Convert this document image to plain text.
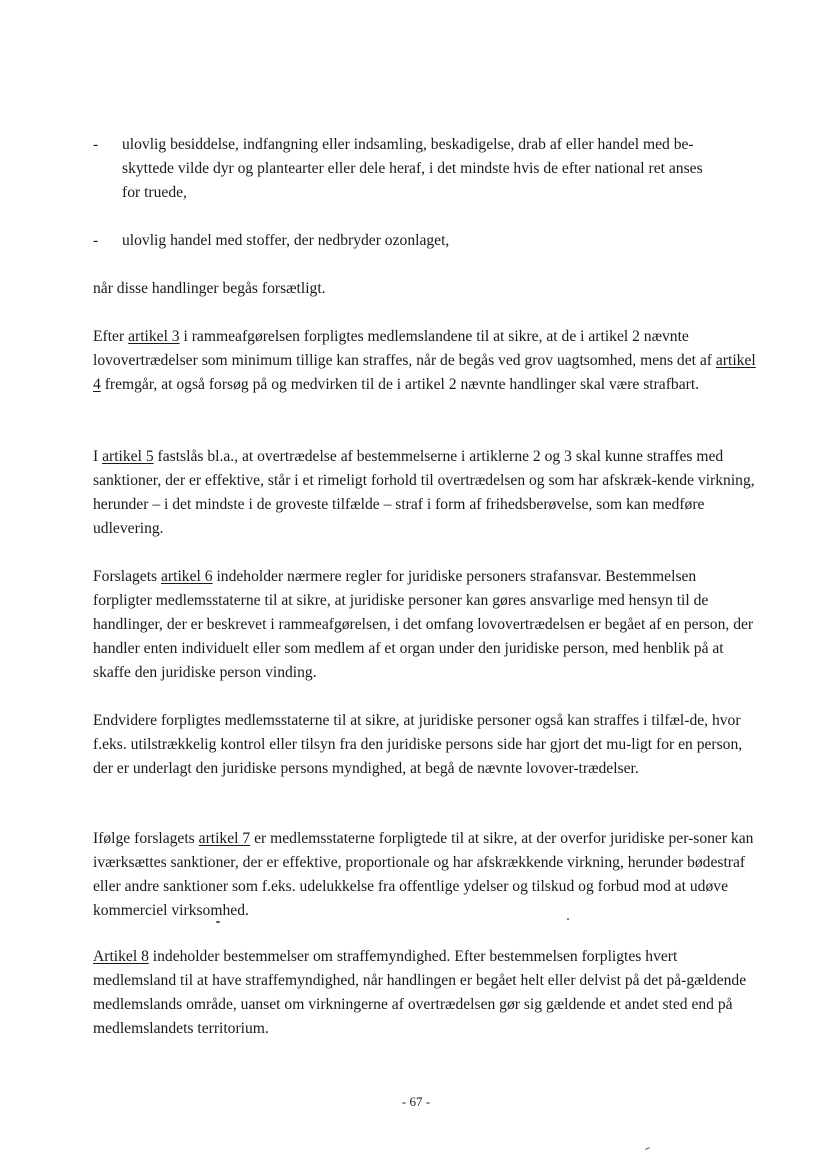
- ulovlig besiddelse, indfangning eller indsamling, beskadigelse, drab af eller handel med be-
skyttede vilde dyr og plantearter eller dele heraf, i det mindste hvis de efter national ret anses
for truede,
- ulovlig handel med stoffer, der nedbryder ozonlaget,
når disse handlinger begås forsætligt.
Efter artikel 3 i rammeafgørelsen forpligtes medlemslandene til at sikre, at de i artikel 2 nævnte lovovertrædelser som minimum tillige kan straffes, når de begås ved grov uagtsomhed, mens det af artikel 4 fremgår, at også forsøg på og medvirken til de i artikel 2 nævnte handlinger skal være strafbart.
I artikel 5 fastslås bl.a., at overtrædelse af bestemmelserne i artiklerne 2 og 3 skal kunne straffes med sanktioner, der er effektive, står i et rimeligt forhold til overtrædelsen og som har afskræk-kende virkning, herunder – i det mindste i de groveste tilfælde – straf i form af frihedsberøvelse, som kan medføre udlevering.
Forslagets artikel 6 indeholder nærmere regler for juridiske personers strafansvar. Bestemmelsen forpligter medlemsstaterne til at sikre, at juridiske personer kan gøres ansvarlige med hensyn til de handlinger, der er beskrevet i rammeafgørelsen, i det omfang lovovertrædelsen er begået af en person, der handler enten individuelt eller som medlem af et organ under den juridiske person, med henblik på at skaffe den juridiske person vinding.
Endvidere forpligtes medlemsstaterne til at sikre, at juridiske personer også kan straffes i tilfæl-de, hvor f.eks. utilstrækkelig kontrol eller tilsyn fra den juridiske persons side har gjort det mu-ligt for en person, der er underlagt den juridiske persons myndighed, at begå de nævnte lovover-trædelser.
Ifølge forslagets artikel 7 er medlemsstaterne forpligtede til at sikre, at der overfor juridiske per-soner kan iværksættes sanktioner, der er effektive, proportionale og har afskrækkende virkning, herunder bødestraf eller andre sanktioner som f.eks. udelukkelse fra offentlige ydelser og tilskud og forbud mod at udøve kommerciel virksomhed.
Artikel 8 indeholder bestemmelser om straffemyndighed. Efter bestemmelsen forpligtes hvert medlemsland til at have straffemyndighed, når handlingen er begået helt eller delvist på det på-gældende medlemslands område, uanset om virkningerne af overtrædelsen gør sig gældende et andet sted end på medlemslandets territorium.
- 67 -
